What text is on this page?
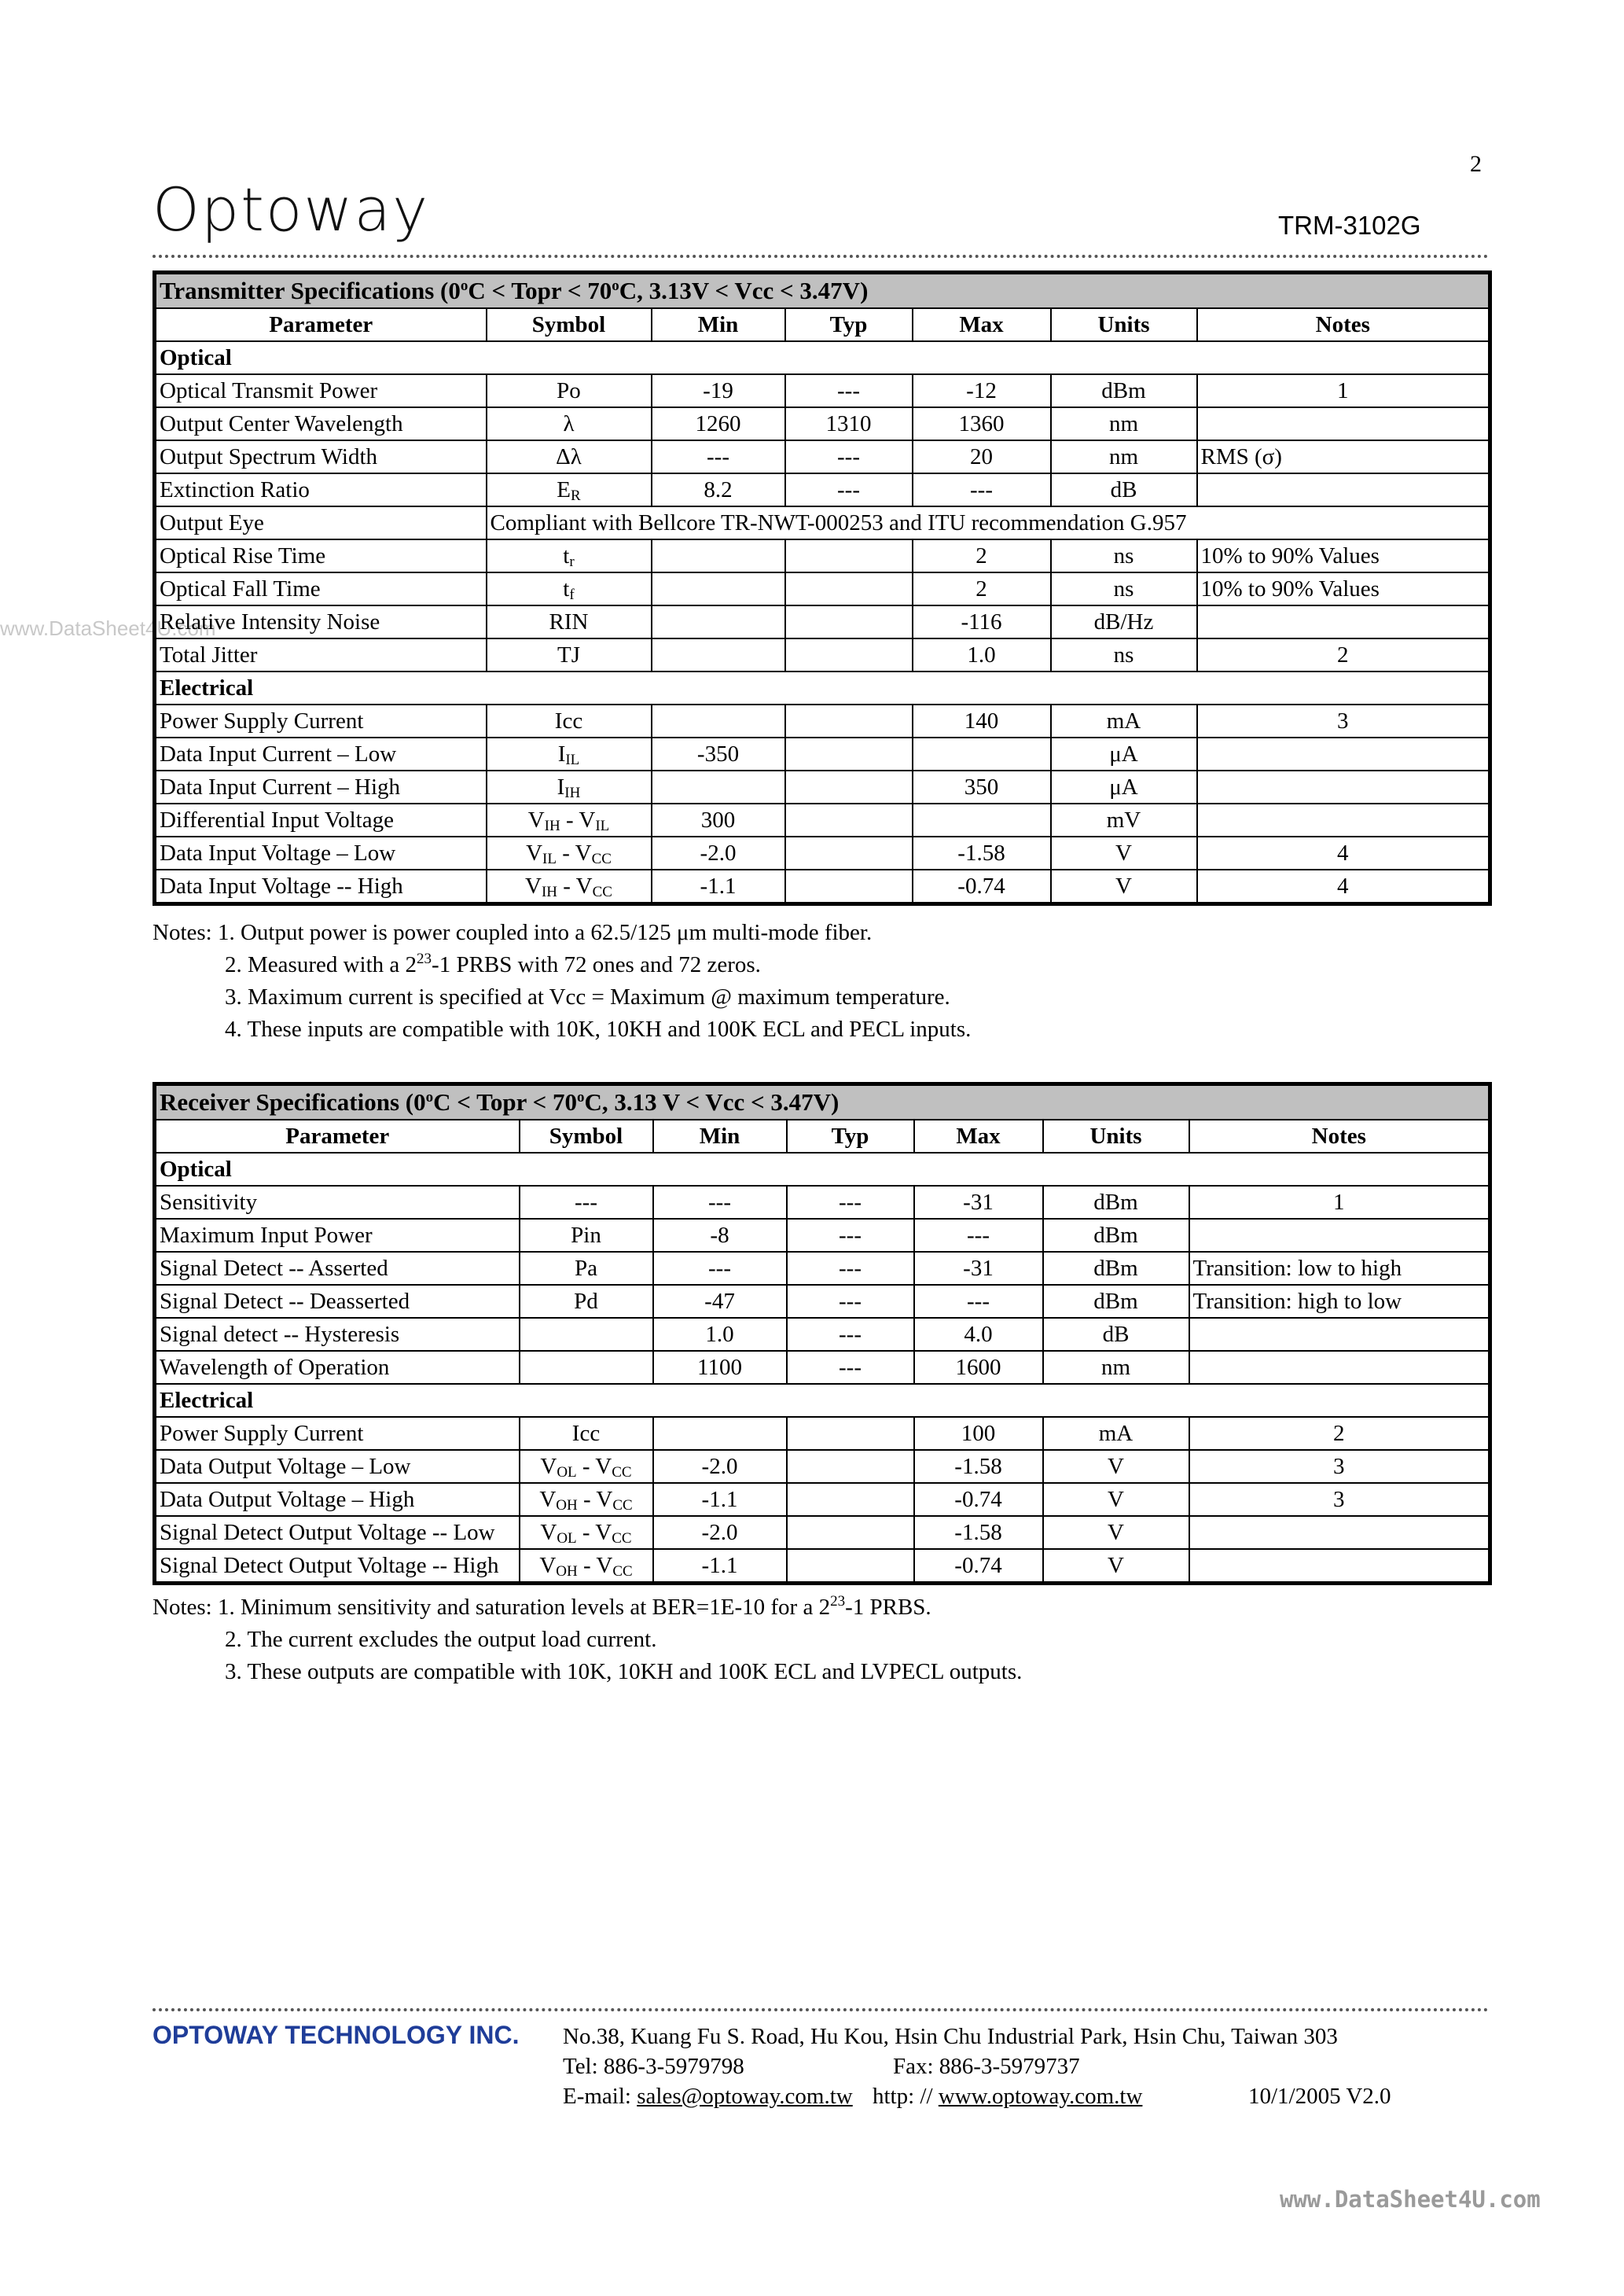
2
Optoway	TRM-3102G
www.DataSheet4U.com
Transmitter Specifications ($0^oC$ < Topr < $70^oC$, 3.13V < Vcc < 3.47V)						
Parameter	Symbol	Min	Typ	Max	Units	Notes
Optical						
Optical Transmit Power	Po	-19	---	-12	dBm	1
Output Center Wavelength	λ	1260	1310	1360	nm	
Output Spectrum Width	Δλ	---	---	20	nm	RMS (σ)
Extinction Ratio	$E_R$	8.2	---	---	dB	
Output Eye	Compliant with Bellcore TR-NWT-000253 and ITU recommendation G.957					
Optical Rise Time	$t_r$			2	ns	10% to 90% Values
Optical Fall Time	$t_f$			2	ns	10% to 90% Values
Relative Intensity Noise	RIN			-116	dB/Hz	
Total Jitter	TJ			1.0	ns	2
Electrical						
Power Supply Current	Icc			140	mA	3
Data Input Current – Low	$I_{IL}$	-350			μA	
Data Input Current – High	$I_{IH}$			350	μA	
Differential Input Voltage	$V_{IH} - V_{IL}$	300			mV	
Data Input Voltage – Low	$V_{IL} - V_{CC}$	-2.0		-1.58	V	4
Data Input Voltage -- High	$V_{IH} - V_{CC}$	-1.1		-0.74	V	4
Notes: 1. Output power is power coupled into a 62.5/125 μm multi-mode fiber.
2. Measured with a $2^{23}-1$ PRBS with 72 ones and 72 zeros.
3. Maximum current is specified at Vcc = Maximum @ maximum temperature.
4. These inputs are compatible with 10K, 10KH and 100K ECL and PECL inputs.
Receiver Specifications ($0^oC$ < Topr < $70^oC$, 3.13 V < Vcc < 3.47V)						
Parameter	Symbol	Min	Typ	Max	Units	Notes
Optical						
Sensitivity	---	---	---	-31	dBm	1
Maximum Input Power	Pin	-8	---	---	dBm	
Signal Detect -- Asserted	Pa	---	---	-31	dBm	Transition: low to high
Signal Detect -- Deasserted	Pd	-47	---	---	dBm	Transition: high to low
Signal detect -- Hysteresis		1.0	---	4.0	dB	
Wavelength of Operation		1100	---	1600	nm	
Electrical						
Power Supply Current	Icc			100	mA	2
Data Output Voltage – Low	$V_{OL} - V_{CC}$	-2.0		-1.58	V	3
Data Output Voltage – High	$V_{OH} - V_{CC}$	-1.1		-0.74	V	3
Signal Detect Output Voltage -- Low	$V_{OL} - V_{CC}$	-2.0		-1.58	V	
Signal Detect Output Voltage -- High	$V_{OH} - V_{CC}$	-1.1		-0.74	V	
Notes: 1. Minimum sensitivity and saturation levels at BER=1E-10 for a $2^{23}-1$ PRBS.
2. The current excludes the output load current.
3. These outputs are compatible with 10K, 10KH and 100K ECL and LVPECL outputs.
OPTOWAY TECHNOLOGY INC. No.38, Kuang Fu S. Road, Hu Kou, Hsin Chu Industrial Park, Hsin Chu, Taiwan 303
Tel: 886-3-5979798	Fax: 886-3-5979737
E-mail: sales@optoway.com.tw http: // www.optoway.com.tw	10/1/2005 V2.0
www.DataSheet4U.com
